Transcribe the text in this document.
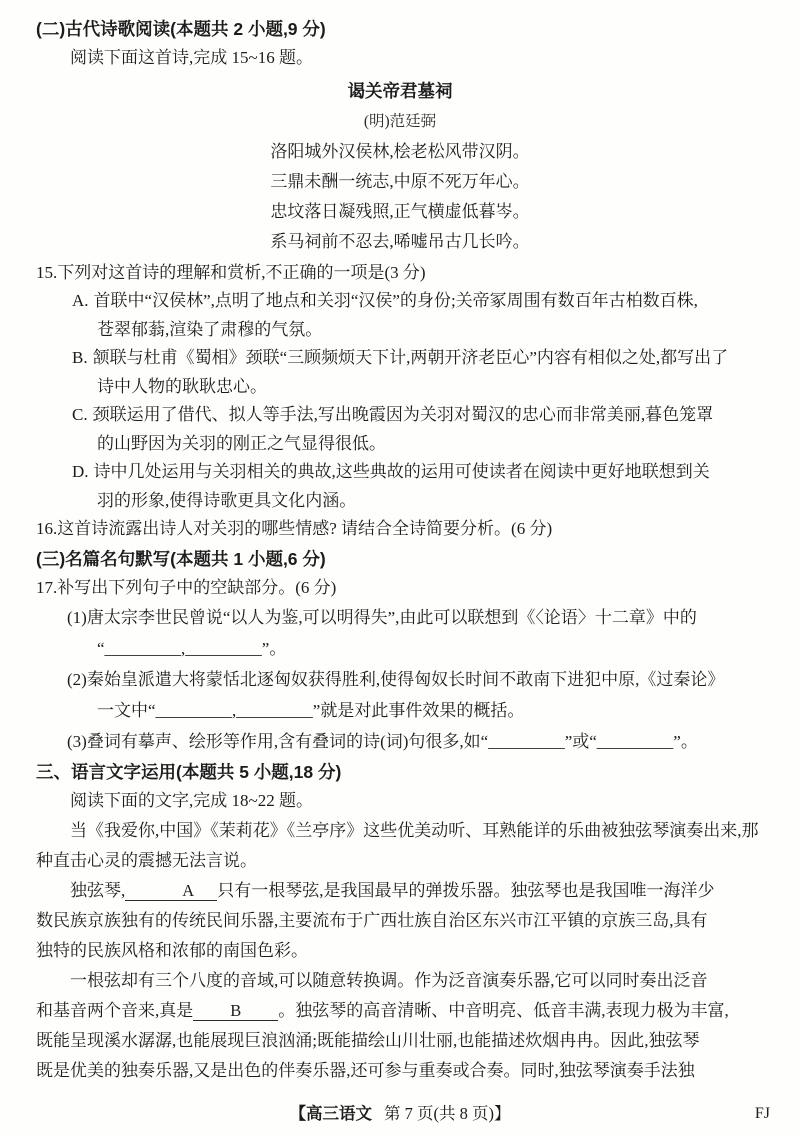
(二)古代诗歌阅读(本题共 2 小题,9 分)
阅读下面这首诗,完成 15~16 题。
谒关帝君墓祠
(明)范廷弼
洛阳城外汉侯林,桧老松风带汉阴。
三鼎未酬一统志,中原不死万年心。
忠坟落日凝残照,正气横虚低暮岑。
系马祠前不忍去,唏嘘吊古几长吟。
15.下列对这首诗的理解和赏析,不正确的一项是(3 分)
A. 首联中“汉侯林”,点明了地点和关羽“汉侯”的身份;关帝冢周围有数百年古柏数百株,
苍翠郁蓊,渲染了肃穆的气氛。
B. 颔联与杜甫《蜀相》颈联“三顾频烦天下计,两朝开济老臣心”内容有相似之处,都写出了
诗中人物的耿耿忠心。
C. 颈联运用了借代、拟人等手法,写出晚霞因为关羽对蜀汉的忠心而非常美丽,暮色笼罩
的山野因为关羽的刚正之气显得很低。
D. 诗中几处运用与关羽相关的典故,这些典故的运用可使读者在阅读中更好地联想到关
羽的形象,使得诗歌更具文化内涵。
16.这首诗流露出诗人对关羽的哪些情感? 请结合全诗简要分析。(6 分)
(三)名篇名句默写(本题共 1 小题,6 分)
17.补写出下列句子中的空缺部分。(6 分)
(1)唐太宗李世民曾说“以人为鉴,可以明得失”,由此可以联想到《〈论语〉十二章》中的
“_________,_________”。
(2)秦始皇派遣大将蒙恬北逐匈奴获得胜利,使得匈奴长时间不敢南下进犯中原,《过秦论》
一文中“_________,_________”就是对此事件效果的概括。
(3)叠词有摹声、绘形等作用,含有叠词的诗(词)句很多,如“_________”或“_________”。
三、语言文字运用(本题共 5 小题,18 分)
阅读下面的文字,完成 18~22 题。
当《我爱你,中国》《茉莉花》《兰亭序》这些优美动听、耳熟能详的乐曲被独弦琴演奏出来,那
种直击心灵的震撼无法言说。
独弦琴,	A 只有一根琴弦,是我国最早的弹拨乐器。独弦琴也是我国唯一海洋少
数民族京族独有的传统民间乐器,主要流布于广西壮族自治区东兴市江平镇的京族三岛,具有
独特的民族风格和浓郁的南国色彩。
一根弦却有三个八度的音域,可以随意转换调。作为泛音演奏乐器,它可以同时奏出泛音
和基音两个音来,真是 B 。独弦琴的高音清晰、中音明亮、低音丰满,表现力极为丰富,
既能呈现溪水潺潺,也能展现巨浪汹涌;既能描绘山川壮丽,也能描述炊烟冉冉。因此,独弦琴
既是优美的独奏乐器,又是出色的伴奏乐器,还可参与重奏或合奏。同时,独弦琴演奏手法独
【高三语文 第 7 页(共 8 页)】	FJ
